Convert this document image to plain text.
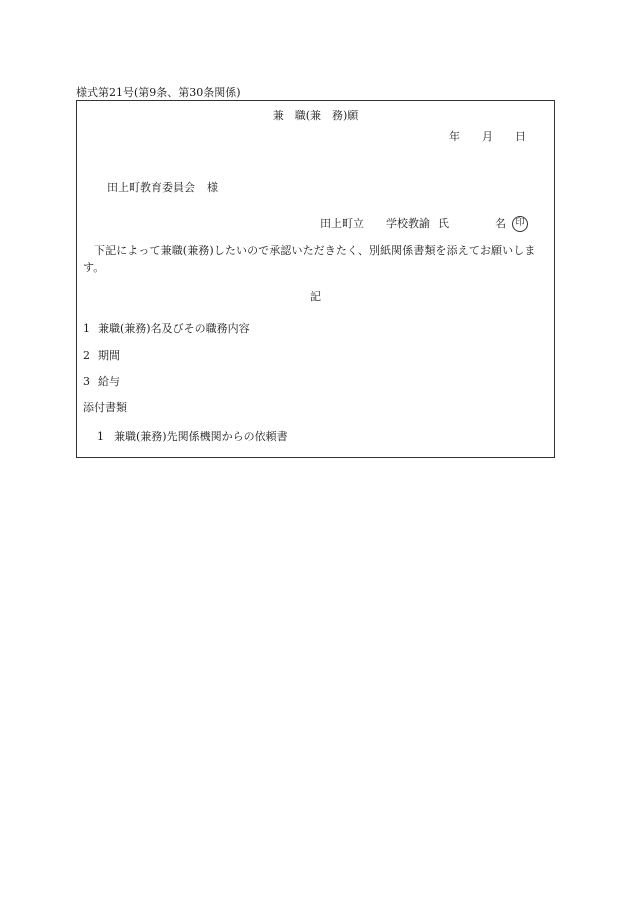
様式第21号(第9条、第30条関係)
兼　職(兼　務)願
年 月 日
田上町教育委員会 様
田上町立 学校教諭 氏	名	印
下記によって兼職(兼務)したいので承認いただきたく、別紙関係書類を添えてお願いします。
記
1 兼職(兼務)名及びその職務内容
2 期間
3 給与
添付書類
1 兼職(兼務)先関係機関からの依頼書
